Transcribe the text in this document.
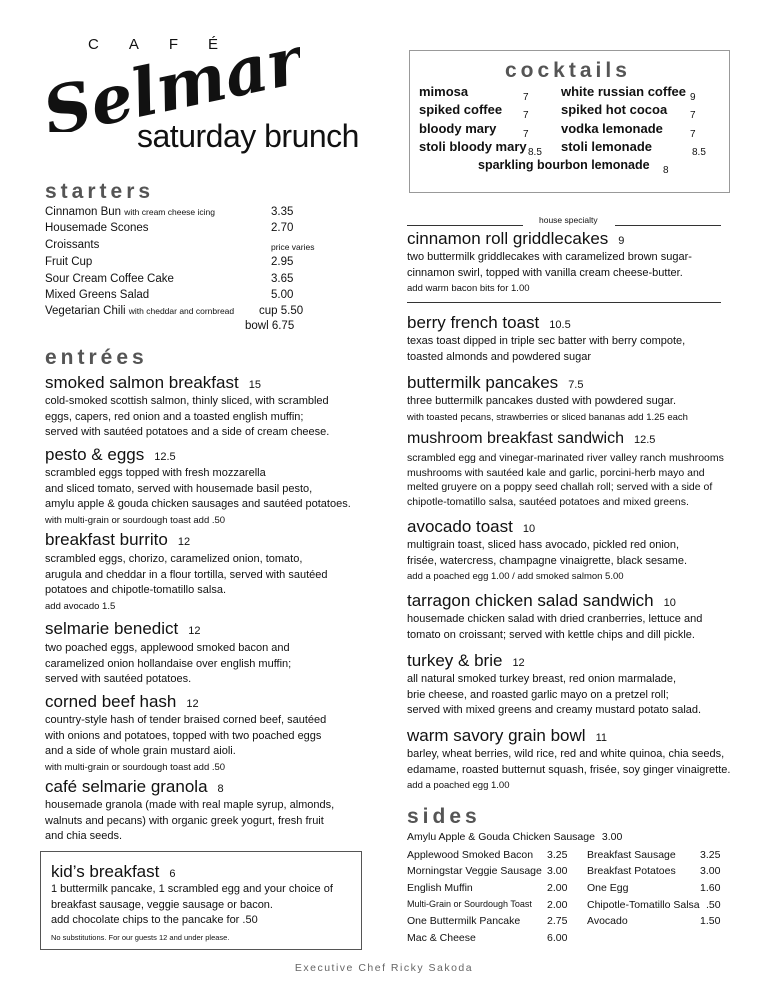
CAFÉ
Selmarie
saturday brunch
cocktails
mimosa	7
spiked coffee 7
bloody mary	7
stoli bloody mary 8.5
white russian coffee 9
spiked hot cocoa 7
vodka lemonade	7
stoli lemonade	8.5
sparkling bourbon lemonade 8
starters
Cinnamon Bun with cream cheese icing	3.35
Housemade Scones	2.70
Croissants	price varies
Fruit Cup	2.95
Sour Cream Coffee Cake	3.65
Mixed Greens Salad	5.00
Vegetarian Chili with cheddar and cornbread cup 5.50
bowl 6.75
entrées
smoked salmon breakfast 15
cold-smoked scottish salmon, thinly sliced, with scrambled
eggs, capers, red onion and a toasted english muffin;
served with sautéed potatoes and a side of cream cheese.
pesto & eggs 12.5
scrambled eggs topped with fresh mozzarella
and sliced tomato, served with housemade basil pesto,
amylu apple & gouda chicken sausages and sautéed potatoes.
with multi-grain or sourdough toast add .50
breakfast burrito 12
scrambled eggs, chorizo, caramelized onion, tomato,
arugula and cheddar in a flour tortilla, served with sautéed
potatoes and chipotle-tomatillo salsa.
add avocado 1.5
selmarie benedict 12
two poached eggs, applewood smoked bacon and
caramelized onion hollandaise over english muffin;
served with sautéed potatoes.
corned beef hash 12
country-style hash of tender braised corned beef, sautéed
with onions and potatoes, topped with two poached eggs
and a side of whole grain mustard aioli.
with multi-grain or sourdough toast add .50
café selmarie granola 8
housemade granola (made with real maple syrup, almonds,
walnuts and pecans) with organic greek yogurt, fresh fruit
and chia seeds.
kid’s breakfast 6
1 buttermilk pancake, 1 scrambled egg and your choice of
breakfast sausage, veggie sausage or bacon.
add chocolate chips to the pancake for .50
No substitutions. For our guests 12 and under please.
house specialty
cinnamon roll griddlecakes 9
two buttermilk griddlecakes with caramelized brown sugar-
cinnamon swirl, topped with vanilla cream cheese-butter.
add warm bacon bits for 1.00
berry french toast 10.5
texas toast dipped in triple sec batter with berry compote,
toasted almonds and powdered sugar
buttermilk pancakes 7.5
three buttermilk pancakes dusted with powdered sugar.
with toasted pecans, strawberries or sliced bananas add 1.25 each
mushroom breakfast sandwich 12.5
scrambled egg and vinegar-marinated river valley ranch mushrooms
mushrooms with sautéed kale and garlic, porcini-herb mayo and
melted gruyere on a poppy seed challah roll; served with a side of
chipotle-tomatillo salsa, sautéed potatoes and mixed greens.
avocado toast 10
multigrain toast, sliced hass avocado, pickled red onion,
frisée, watercress, champagne vinaigrette, black sesame.
add a poached egg 1.00 / add smoked salmon 5.00
tarragon chicken salad sandwich 10
housemade chicken salad with dried cranberries, lettuce and
tomato on croissant; served with kettle chips and dill pickle.
turkey & brie 12
all natural smoked turkey breast, red onion marmalade,
brie cheese, and roasted garlic mayo on a pretzel roll;
served with mixed greens and creamy mustard potato salad.
warm savory grain bowl 11
barley, wheat berries, wild rice, red and white quinoa, chia seeds,
edamame, roasted butternut squash, frisée, soy ginger vinaigrette.
add a poached egg 1.00
sides
Amylu Apple & Gouda Chicken Sausage 3.00
Applewood Smoked Bacon 3.25
Morningstar Veggie Sausage 3.00
English Muffin	2.00
Multi-Grain or Sourdough Toast 2.00
One Buttermilk Pancake	2.75
Mac & Cheese	6.00
Breakfast Sausage 3.25
Breakfast Potatoes 3.00
One Egg	1.60
Chipotle-Tomatillo Salsa .50
Avocado	1.50
Executive Chef Ricky Sakoda
